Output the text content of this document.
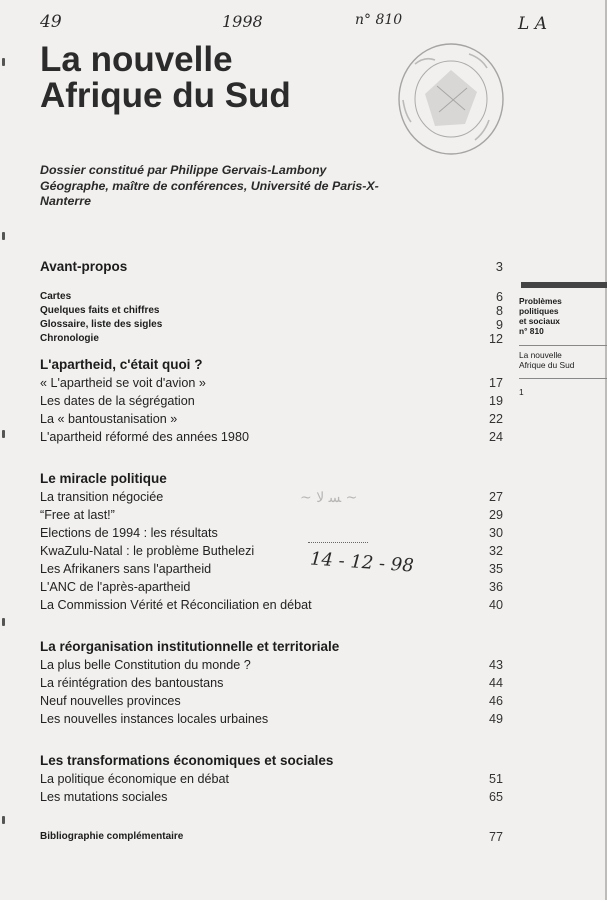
49	1998	n° 810	L A
14 - 12 - 98
La nouvelle
Afrique du Sud
Dossier constitué par Philippe Gervais-Lambony
Géographe, maître de conférences, Université de Paris-X-
Nanterre
Avant-propos	3
Cartes	6
Quelques faits et chiffres	8
Glossaire, liste des sigles	9
Chronologie	12
L'apartheid, c'était quoi ?
« L'apartheid se voit d'avion »	17
Les dates de la ségrégation	19
La « bantoustanisation »	22
L'apartheid réformé des années 1980	24
Le miracle politique
La transition négociée	27
“Free at last!”	29
Elections de 1994 : les résultats	30
KwaZulu-Natal : le problème Buthelezi	32
Les Afrikaners sans l'apartheid	35
L'ANC de l'après-apartheid	36
La Commission Vérité et Réconciliation en débat	40
La réorganisation institutionnelle et territoriale
La plus belle Constitution du monde ?	43
La réintégration des bantoustans	44
Neuf nouvelles provinces	46
Les nouvelles instances locales urbaines	49
Les transformations économiques et sociales
La politique économique en débat	51
Les mutations sociales	65
Bibliographie complémentaire	77
~ ﺴ ﻻ ~
Problèmes
politiques
et sociaux
n° 810
La nouvelle
Afrique du Sud
1
